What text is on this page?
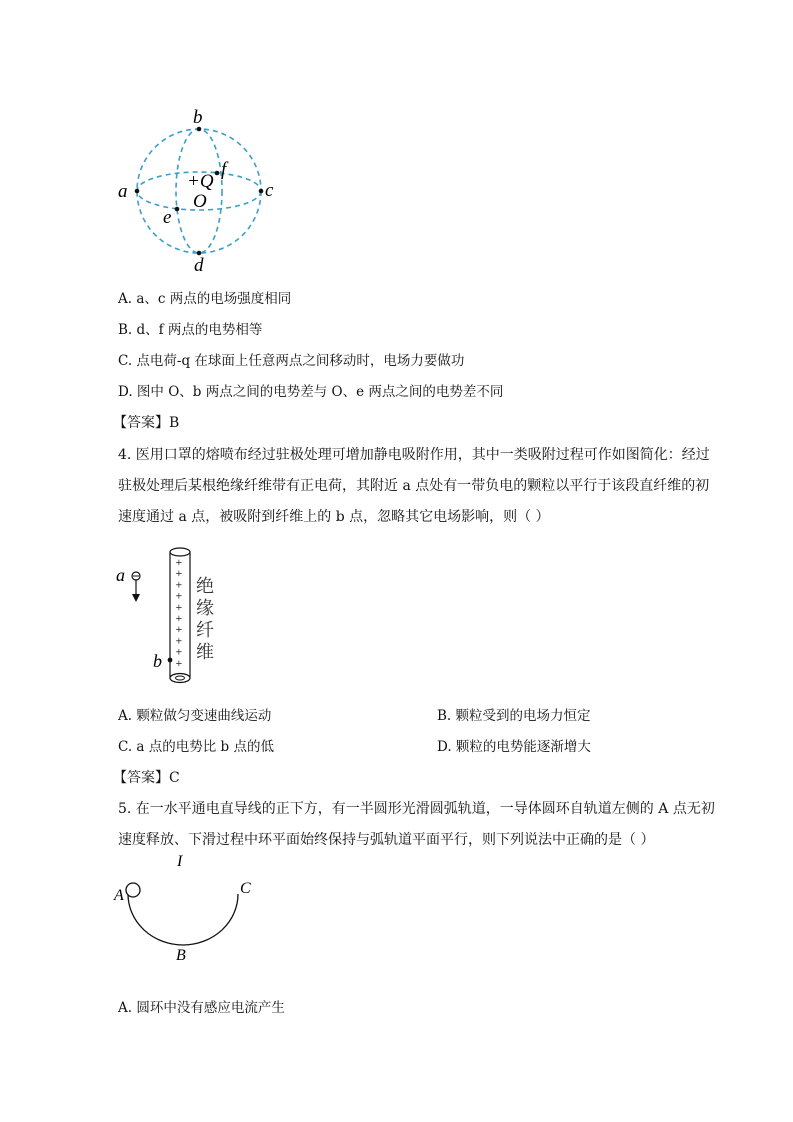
b
a	c
d
e
f
+Q
O
A. a、c 两点的电场强度相同
B. d、f 两点的电势相等
C. 点电荷-q 在球面上任意两点之间移动时，电场力要做功
D. 图中 O、b 两点之间的电势差与 O、e 两点之间的电势差不同
【答案】B
4. 医用口罩的熔喷布经过驻极处理可增加静电吸附作用，其中一类吸附过程可作如图简化：经过
驻极处理后某根绝缘纤维带有正电荷，其附近 a 点处有一带负电的颗粒以平行于该段直纤维的初
速度通过 a 点，被吸附到纤维上的 b 点，忽略其它电场影响，则（ ）
a
+
+
+
+
+
+
+
+
+
+
b
绝
缘
纤
维
A. 颗粒做匀变速曲线运动	B. 颗粒受到的电场力恒定
C. a 点的电势比 b 点的低	D. 颗粒的电势能逐渐增大
【答案】C
5. 在一水平通电直导线的正下方，有一半圆形光滑圆弧轨道，一导体圆环自轨道左侧的 A 点无初
速度释放、下滑过程中环平面始终保持与弧轨道平面平行，则下列说法中正确的是（ ）
I
A	C
B
A. 圆环中没有感应电流产生
